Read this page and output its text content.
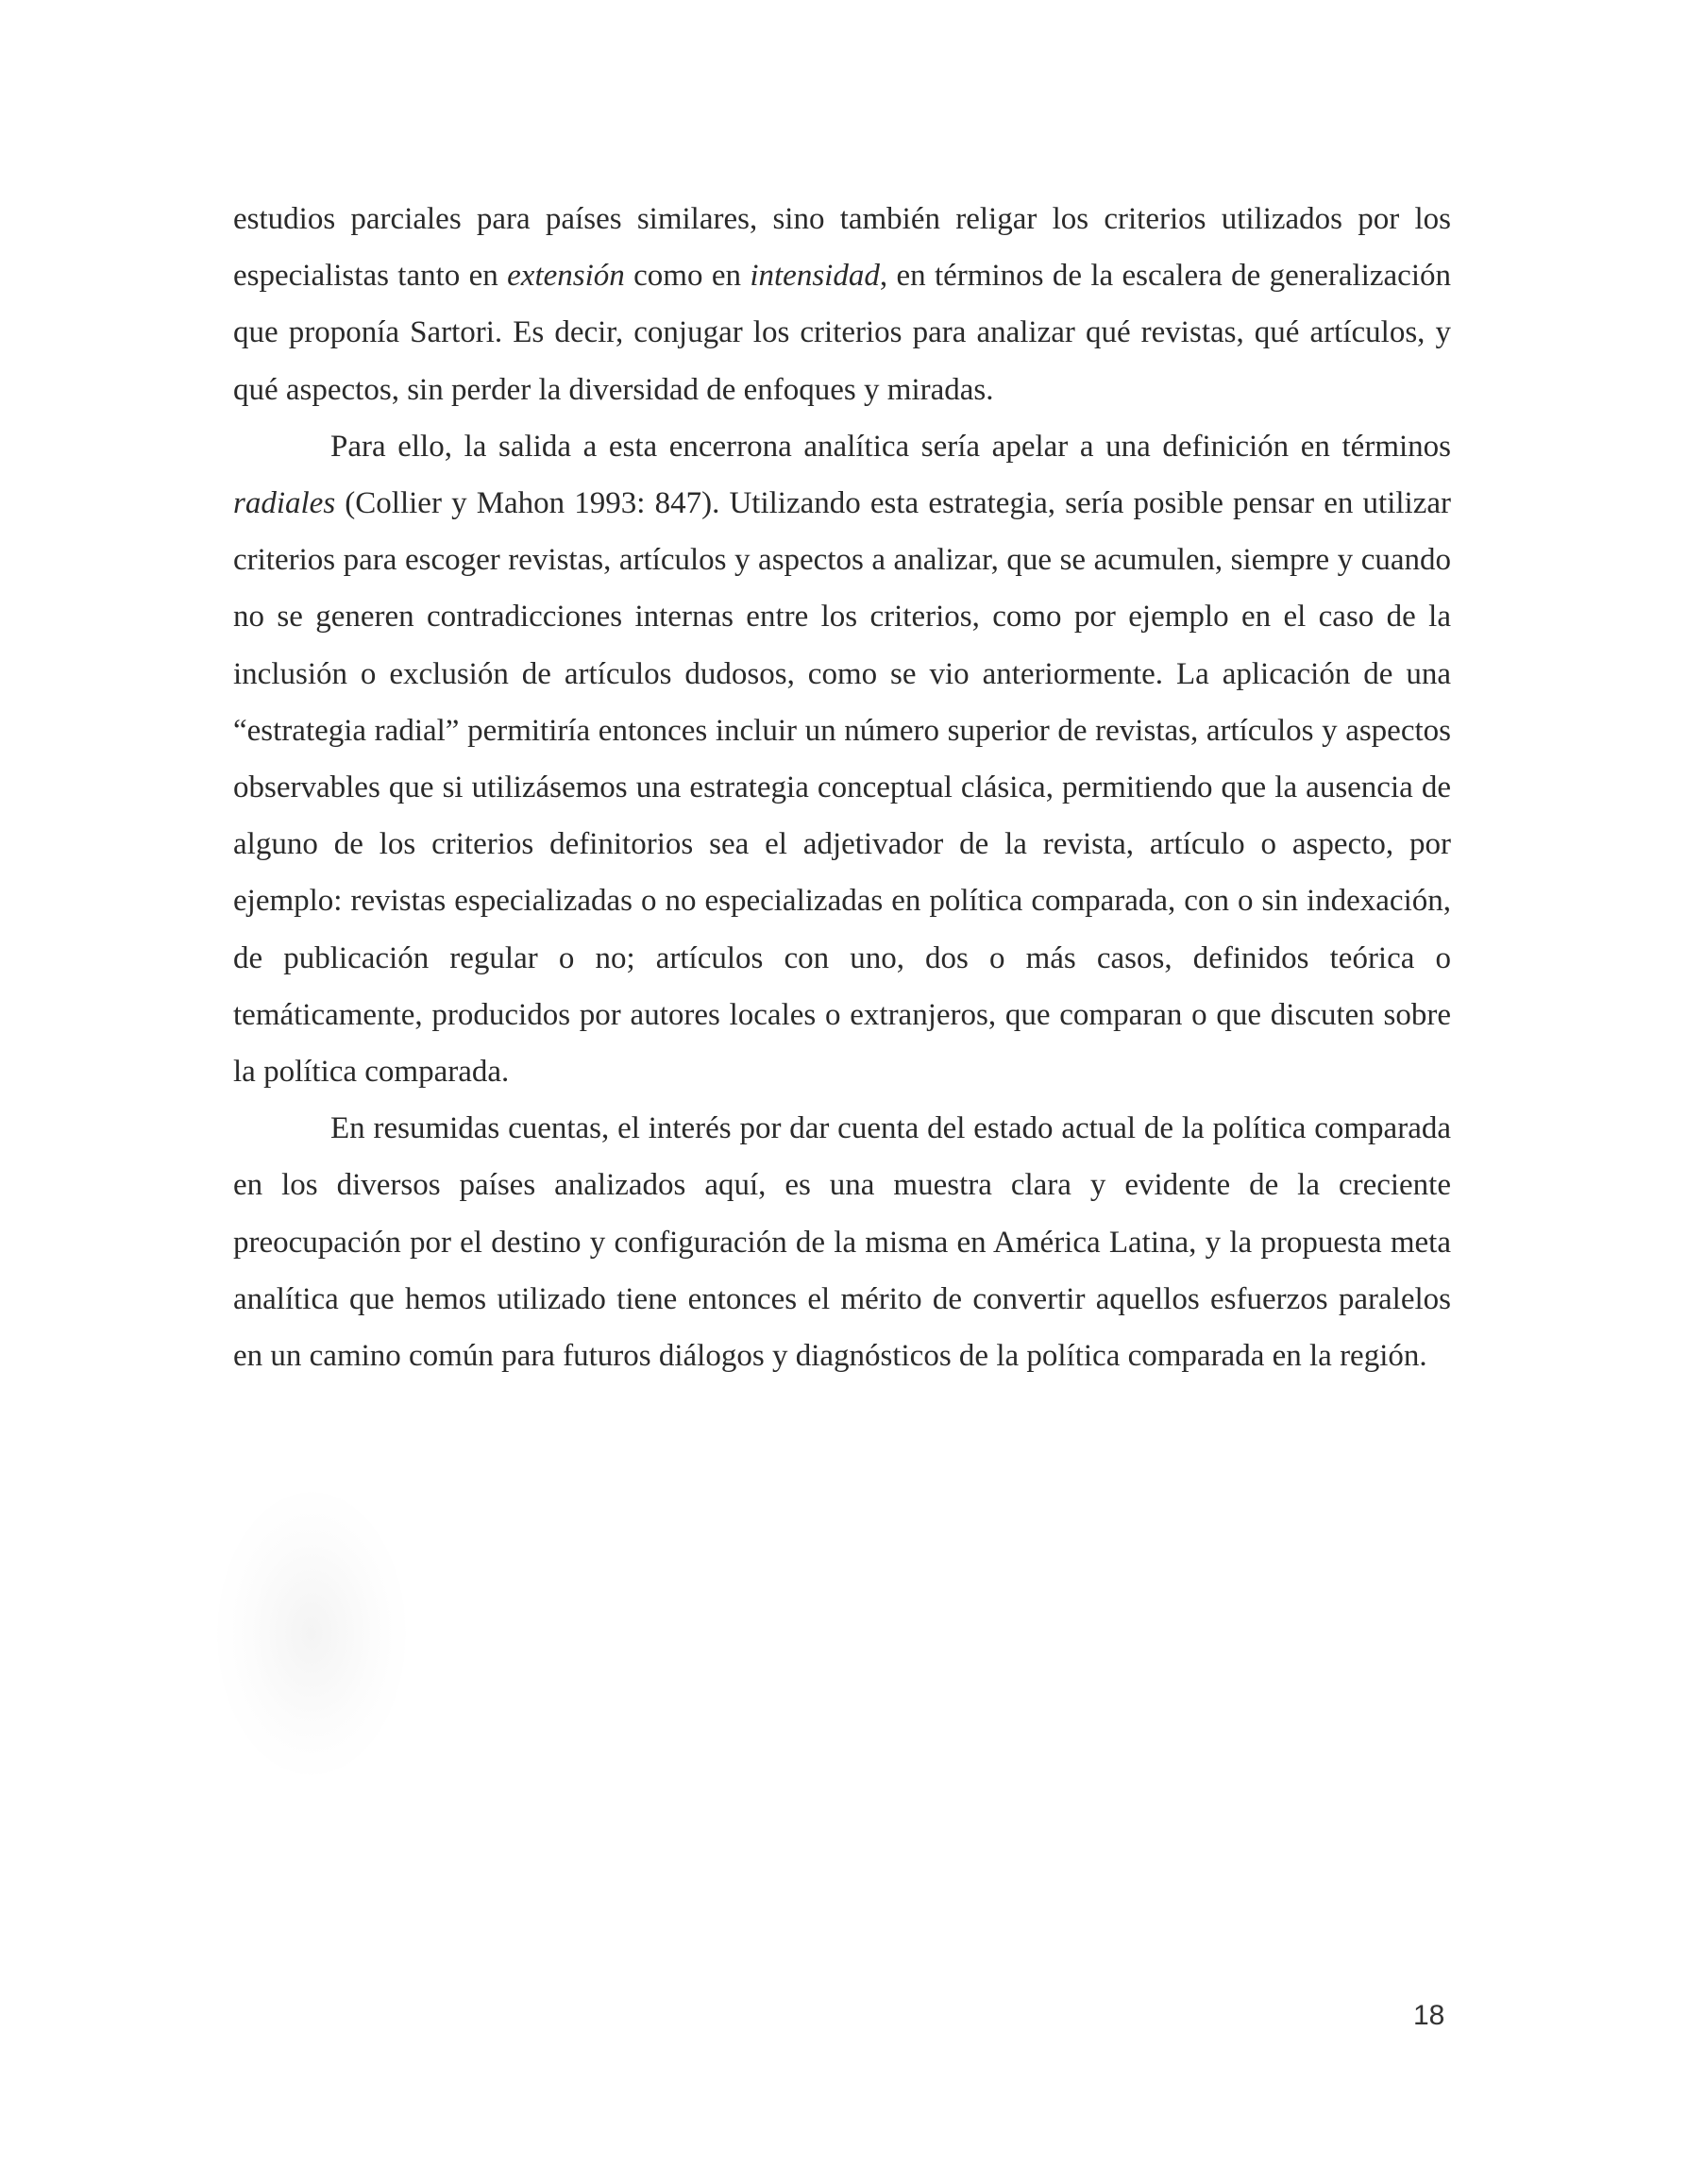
estudios parciales para países similares, sino también religar los criterios utilizados por los especialistas tanto en extensión como en intensidad, en términos de la escalera de generalización que proponía Sartori. Es decir, conjugar los criterios para analizar qué revistas, qué artículos, y qué aspectos, sin perder la diversidad de enfoques y miradas.

Para ello, la salida a esta encerrona analítica sería apelar a una definición en términos radiales (Collier y Mahon 1993: 847). Utilizando esta estrategia, sería posible pensar en utilizar criterios para escoger revistas, artículos y aspectos a analizar, que se acumulen, siempre y cuando no se generen contradicciones internas entre los criterios, como por ejemplo en el caso de la inclusión o exclusión de artículos dudosos, como se vio anteriormente. La aplicación de una “estrategia radial” permitiría entonces incluir un número superior de revistas, artículos y aspectos observables que si utilizásemos una estrategia conceptual clásica, permitiendo que la ausencia de alguno de los criterios definitorios sea el adjetivador de la revista, artículo o aspecto, por ejemplo: revistas especializadas o no especializadas en política comparada, con o sin indexación, de publicación regular o no; artículos con uno, dos o más casos, definidos teórica o temáticamente, producidos por autores locales o extranjeros, que comparan o que discuten sobre la política comparada.

En resumidas cuentas, el interés por dar cuenta del estado actual de la política comparada en los diversos países analizados aquí, es una muestra clara y evidente de la creciente preocupación por el destino y configuración de la misma en América Latina, y la propuesta meta analítica que hemos utilizado tiene entonces el mérito de convertir aquellos esfuerzos paralelos en un camino común para futuros diálogos y diagnósticos de la política comparada en la región.

18
